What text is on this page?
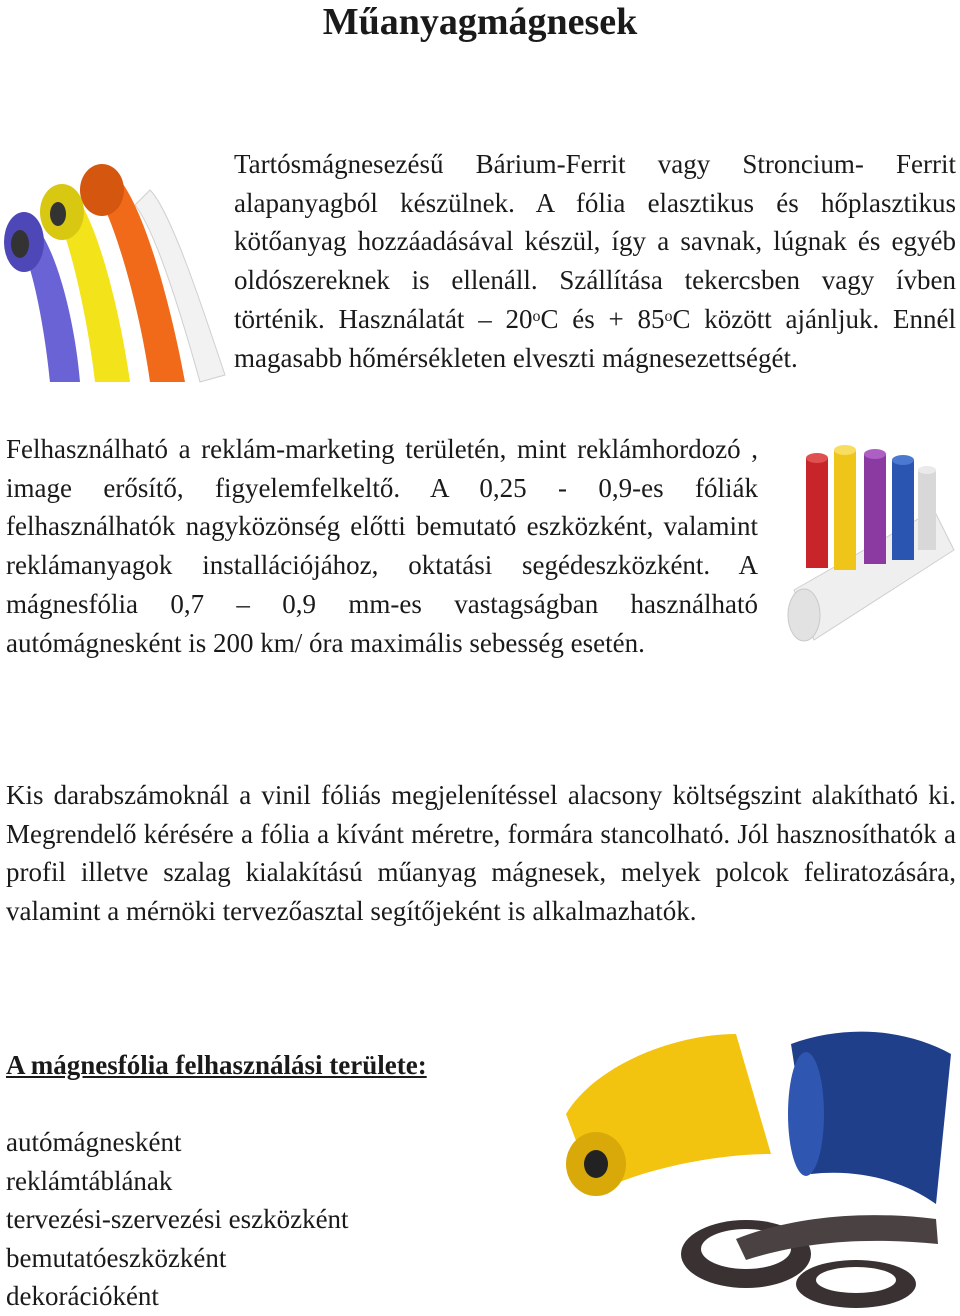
Műanyagmágnesek

Tartósmágnesezésű Bárium-Ferrit vagy Stroncium- Ferrit alapanyagból készülnek. A fólia elasztikus és hőplasztikus kötőanyag hozzáadásával készül, így a savnak, lúgnak és egyéb oldószereknek is ellenáll. Szállítása tekercsben vagy ívben történik. Használatát – 20$^o$C és + $85^oC$ között ajánljuk. Ennél magasabb hőmérsékleten elveszti mágnesezettségét.

Felhasználható a reklám-marketing területén, mint reklámhordozó , image erősítő, figyelemfelkeltő. A 0,25 - 0,9-es fóliák felhasználhatók nagyközönség előtti bemutató eszközként, valamint reklámanyagok installációjához, oktatási segédeszközként. A mágnesfólia 0,7 – 0,9 mm-es vastagságban használható autómágnesként is 200 km/ óra maximális sebesség esetén.

Kis darabszámoknál a vinil fóliás megjelenítéssel alacsony költségszint alakítható ki. Megrendelő kérésére a fólia a kívánt méretre, formára stancolható. Jól hasznosíthatók a profil illetve szalag kialakítású műanyag mágnesek, melyek polcok feliratozására, valamint a mérnöki tervezőasztal segítőjeként is alkalmazhatók.

A mágnesfólia felhasználási területe:
autómágnesként
reklámtáblának
tervezési-szervezési eszközként
bemutatóeszközként
dekorációként
